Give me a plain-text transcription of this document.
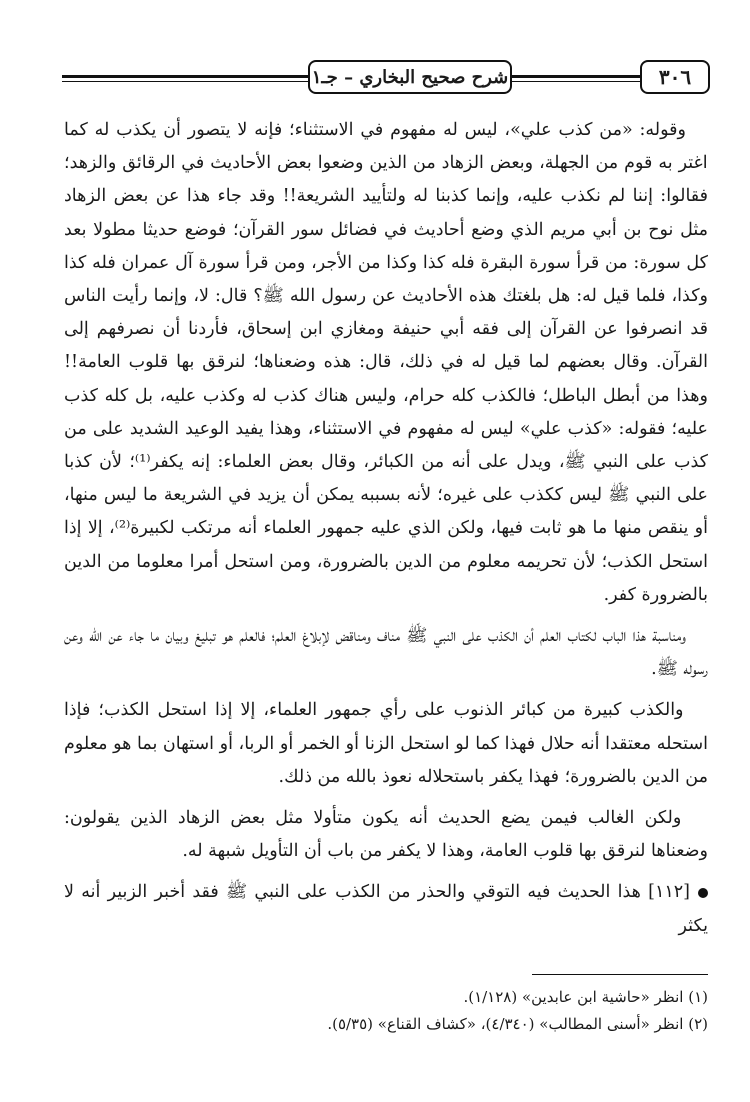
٣٠٦
شرح صحيح البخاري – جـ١

وقوله: «من كذب علي»، ليس له مفهوم في الاستثناء؛ فإنه لا يتصور أن يكذب له كما اغتر به قوم من الجهلة، وبعض الزهاد من الذين وضعوا بعض الأحاديث في الرقائق والزهد؛ فقالوا: إننا لم نكذب عليه، وإنما كذبنا له ولتأييد الشريعة!! وقد جاء هذا عن بعض الزهاد مثل نوح بن أبي مريم الذي وضع أحاديث في فضائل سور القرآن؛ فوضع حديثا مطولا بعد كل سورة: من قرأ سورة البقرة فله كذا وكذا من الأجر، ومن قرأ سورة آل عمران فله كذا وكذا، فلما قيل له: هل بلغتك هذه الأحاديث عن رسول الله ﷺ؟ قال: لا، وإنما رأيت الناس قد انصرفوا عن القرآن إلى فقه أبي حنيفة ومغازي ابن إسحاق، فأردنا أن نصرفهم إلى القرآن. وقال بعضهم لما قيل له في ذلك، قال: هذه وضعناها؛ لنرقق بها قلوب العامة!! وهذا من أبطل الباطل؛ فالكذب كله حرام، وليس هناك كذب له وكذب عليه، بل كله كذب عليه؛ فقوله: «كذب علي» ليس له مفهوم في الاستثناء، وهذا يفيد الوعيد الشديد على من كذب على النبي ﷺ، ويدل على أنه من الكبائر، وقال بعض العلماء: إنه يكفر⁽¹⁾؛ لأن كذبا على النبي ﷺ ليس ككذب على غيره؛ لأنه بسببه يمكن أن يزيد في الشريعة ما ليس منها، أو ينقص منها ما هو ثابت فيها، ولكن الذي عليه جمهور العلماء أنه مرتكب لكبيرة⁽²⁾، إلا إذا استحل الكذب؛ لأن تحريمه معلوم من الدين بالضرورة، ومن استحل أمرا معلوما من الدين بالضرورة كفر.

ومناسبة هذا الباب لكتاب العلم أن الكذب على النبي ﷺ مناف ومناقض لإبلاغ العلم؛ فالعلم هو تبليغ وبيان ما جاء عن الله وعن رسوله ﷺ.

والكذب كبيرة من كبائر الذنوب على رأي جمهور العلماء، إلا إذا استحل الكذب؛ فإذا استحله معتقدا أنه حلال فهذا كما لو استحل الزنا أو الخمر أو الربا، أو استهان بما هو معلوم من الدين بالضرورة؛ فهذا يكفر باستحلاله نعوذ بالله من ذلك.

ولكن الغالب فيمن يضع الحديث أنه يكون متأولا مثل بعض الزهاد الذين يقولون: وضعناها لنرقق بها قلوب العامة، وهذا لا يكفر من باب أن التأويل شبهة له.

[١١٢] هذا الحديث فيه التوقي والحذر من الكذب على النبي ﷺ فقد أخبر الزبير أنه لا يكثر

(١) انظر «حاشية ابن عابدين» (١/١٢٨).
(٢) انظر «أسنى المطالب» (٤/٣٤٠)، «كشاف القناع» (٥/٣٥).
